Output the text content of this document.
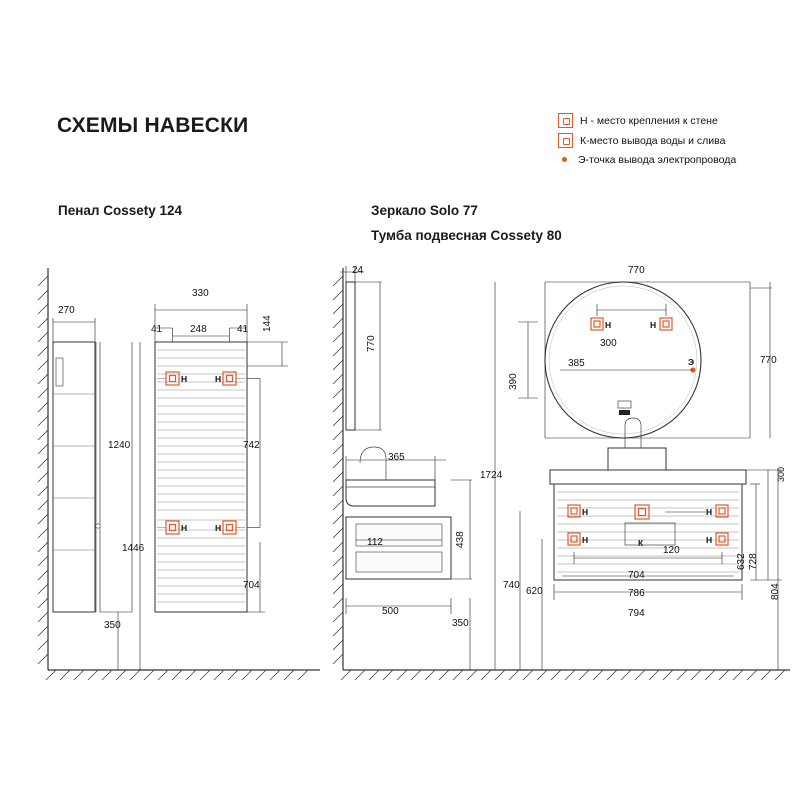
СХЕМЫ НАВЕСКИ	Н - место крепления к стене
К-место вывода воды и слива
Э-точка вывода электропровода
Пенал Cossety 124	Зеркало Solo 77
Тумба подвесная Cossety 80
Н	Н
Н	Н
270
330
41	248	41 144
742
1446
1240
704
350
Н	Н
Э
Н
Н
Н
Н
К
24
770
770
770
300
390
385
300
1724
365
112	438
500
350
740
620
704
786
794
120
728
632
804
